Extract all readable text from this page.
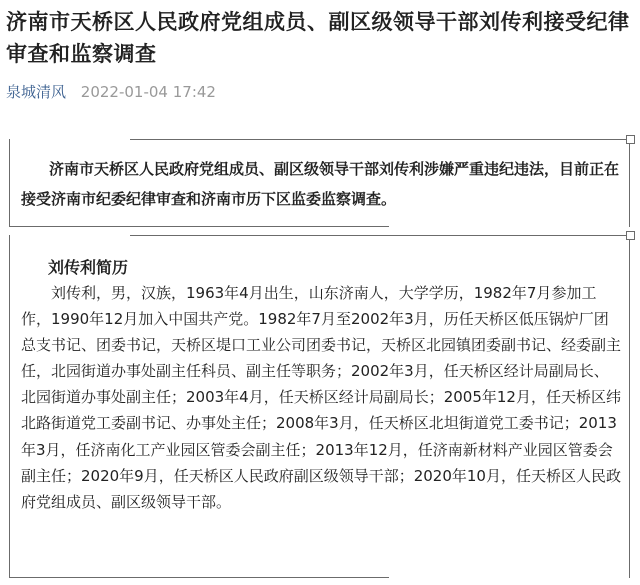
济南市天桥区人民政府党组成员、副区级领导干部刘传利接受纪律审查和监察调查
泉城清风 2022-01-04 17:42

济南市天桥区人民政府党组成员、副区级领导干部刘传利涉嫌严重违纪违法，目前正在接受济南市纪委纪律审查和济南市历下区监委监察调查。

刘传利简历

刘传利，男，汉族，1963年4月出生，山东济南人，大学学历，1982年7月参加工作，1990年12月加入中国共产党。1982年7月至2002年3月，历任天桥区低压锅炉厂团总支书记、团委书记，天桥区堤口工业公司团委书记，天桥区北园镇团委副书记、经委副主任，北园街道办事处副主任科员、副主任等职务；2002年3月，任天桥区经计局副局长、北园街道办事处副主任；2003年4月，任天桥区经计局副局长；2005年12月，任天桥区纬北路街道党工委副书记、办事处主任；2008年3月，任天桥区北坦街道党工委书记；2013年3月，任济南化工产业园区管委会副主任；2013年12月，任济南新材料产业园区管委会副主任；2020年9月，任天桥区人民政府副区级领导干部；2020年10月，任天桥区人民政府党组成员、副区级领导干部。
